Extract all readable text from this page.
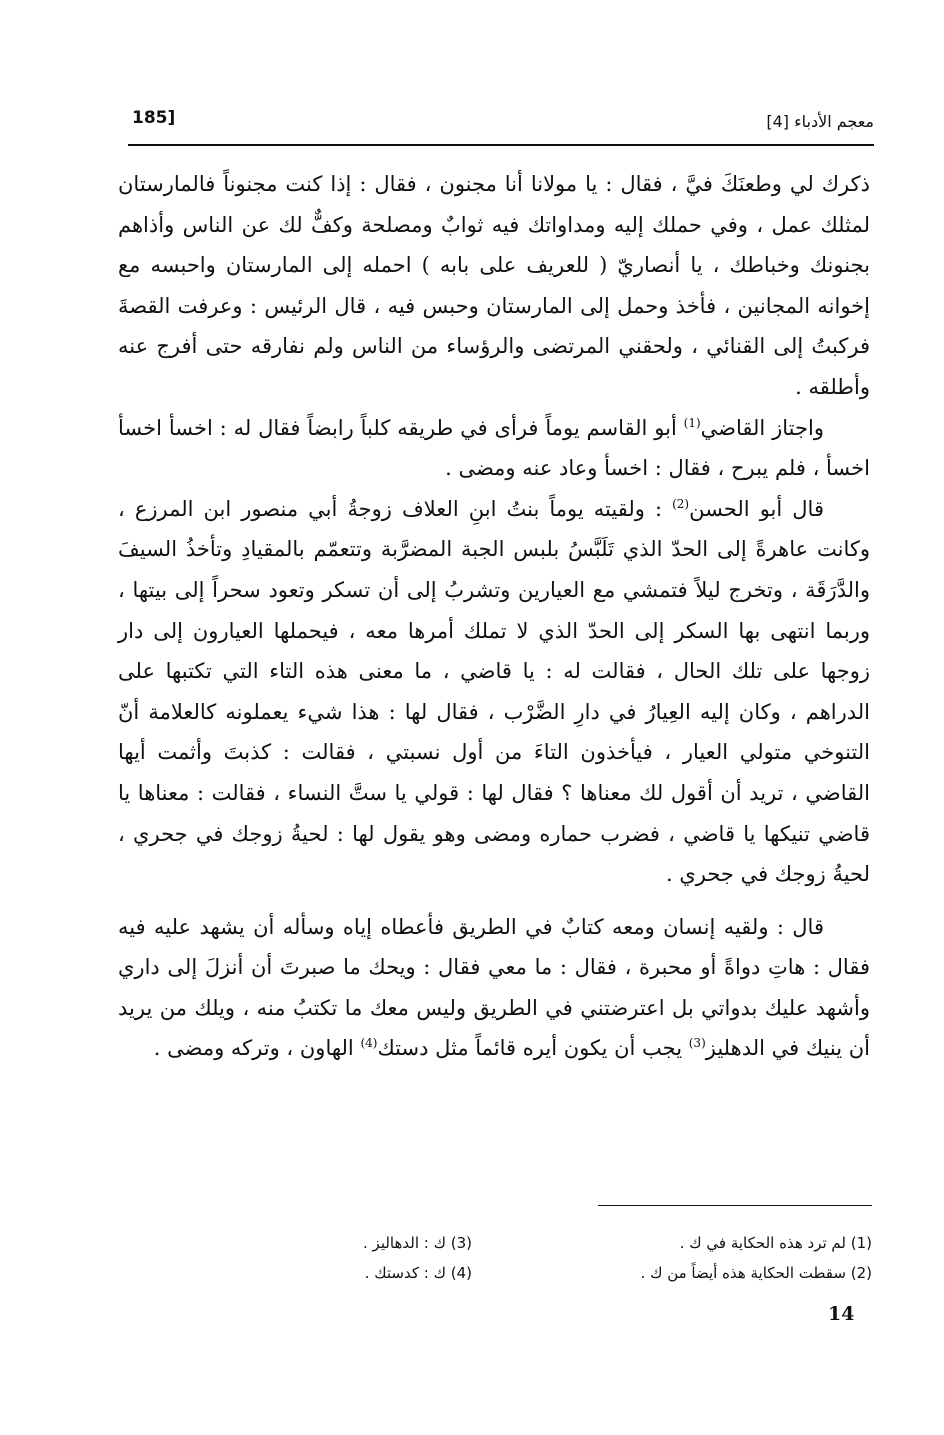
185]	معجم الأدباء [4]

ذكرك لي وطعنَكَ فيَّ ، فقال : يا مولانا أنا مجنون ، فقال : إذا كنت مجنوناً فالمارستان لمثلك عمل ، وفي حملك إليه ومداواتك فيه ثوابٌ ومصلحة وكفٌّ لك عن الناس وأذاهم بجنونك وخباطك ، يا أنصاريّ ( للعريف على بابه ) احمله إلى المارستان واحبسه مع إخوانه المجانين ، فأخذ وحمل إلى المارستان وحبس فيه ، قال الرئيس : وعرفت القصةَ فركبتُ إلى القنائي ، ولحقني المرتضى والرؤساء من الناس ولم نفارقه حتى أفرج عنه وأطلقه .

واجتاز القاضي$^{(1)}$ أبو القاسم يوماً فرأى في طريقه كلباً رابضاً فقال له : اخسأ اخسأ اخسأ ، فلم يبرح ، فقال : اخسأ وعاد عنه ومضى .

قال أبو الحسن$^{(2)}$ : ولقيته يوماً بنتُ ابنِ العلاف زوجةُ أبي منصور ابن المرزع ، وكانت عاهرةً إلى الحدّ الذي تَلَبَّسُ بلبس الجبة المضرَّبة وتتعمّم بالمقيادِ وتأخذُ السيفَ والدَّرَقَة ، وتخرج ليلاً فتمشي مع العيارين وتشربُ إلى أن تسكر وتعود سحراً إلى بيتها ، وربما انتهى بها السكر إلى الحدّ الذي لا تملك أمرها معه ، فيحملها العيارون إلى دار زوجها على تلك الحال ، فقالت له : يا قاضي ، ما معنى هذه التاء التي تكتبها على الدراهم ، وكان إليه العِيارُ في دارِ الضَّرْب ، فقال لها : هذا شيء يعملونه كالعلامة أنّ التنوخي متولي العيار ، فيأخذون التاءَ من أول نسبتي ، فقالت : كذبتَ وأثمت أيها القاضي ، تريد أن أقول لك معناها ؟ فقال لها : قولي يا ستَّ النساء ، فقالت : معناها يا قاضي تنيكها يا قاضي ، فضرب حماره ومضى وهو يقول لها : لحيةُ زوجك في جحري ، لحيةُ زوجك في جحري .

قال : ولقيه إنسان ومعه كتابٌ في الطريق فأعطاه إياه وسأله أن يشهد عليه فيه فقال : هاتِ دواةً أو محبرة ، فقال : ما معي فقال : ويحك ما صبرتَ أن أنزلَ إلى داري وأشهد عليك بدواتي بل اعترضتني في الطريق وليس معك ما تكتبُ منه ، ويلك من يريد أن ينيك في الدهليز$^{(3)}$ يجب أن يكون أيره قائماً مثل دستك$^{(4)}$ الهاون ، وتركه ومضى .

(1) لم ترد هذه الحكاية في ك .
(2) سقطت الحكاية هذه أيضاً من ك .
(3) ك : الدهاليز .
(4) ك : كدستك .
14
